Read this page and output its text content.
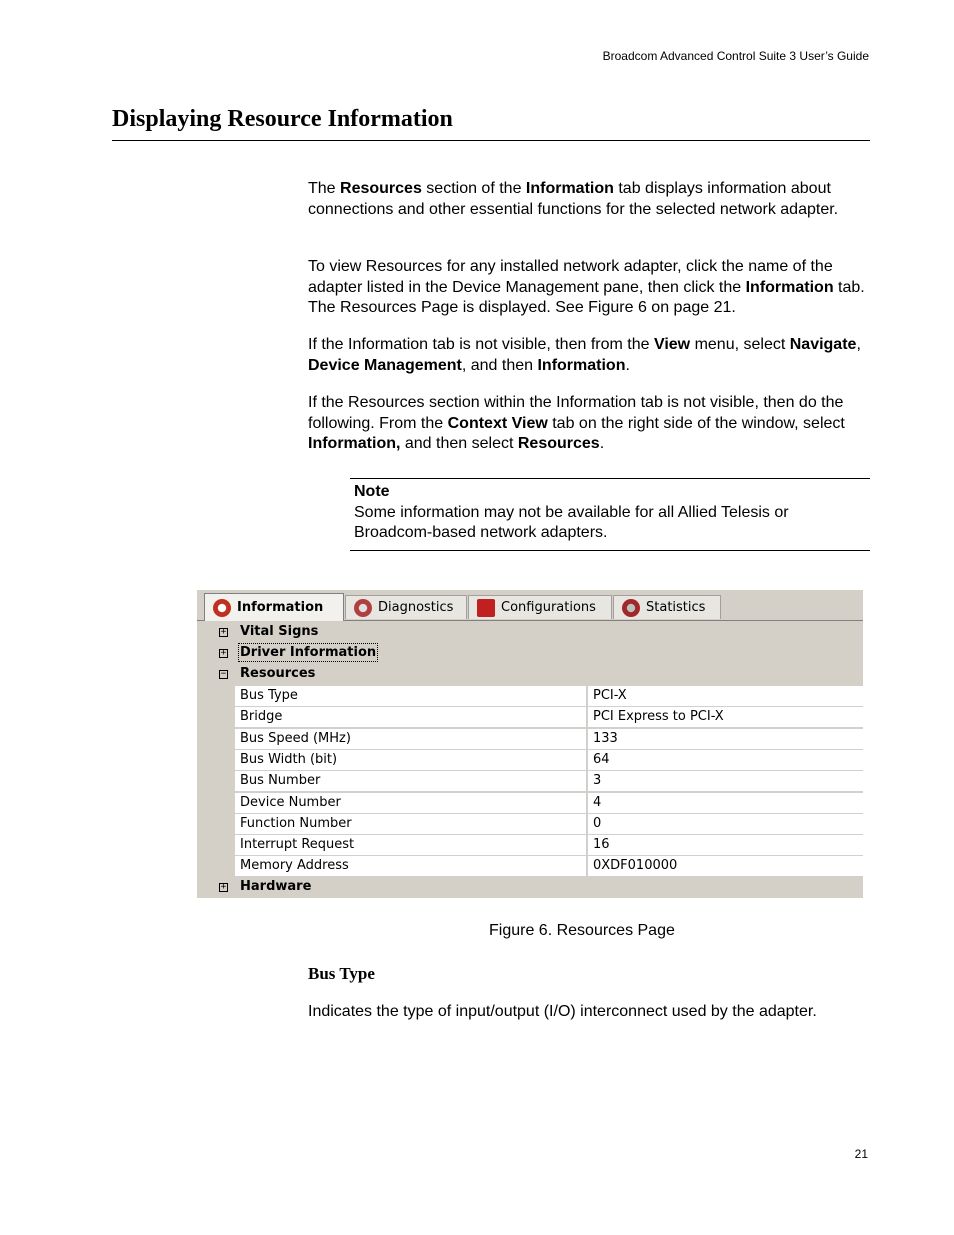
Broadcom Advanced Control Suite 3 User’s Guide
Displaying Resource Information

The Resources section of the Information tab displays information about connections and other essential functions for the selected network adapter.

To view Resources for any installed network adapter, click the name of the adapter listed in the Device Management pane, then click the Information tab. The Resources Page is displayed. See Figure 6 on page 21.

If the Information tab is not visible, then from the View menu, select Navigate, Device Management, and then Information.

If the Resources section within the Information tab is not visible, then do the following. From the Context View tab on the right side of the window, select Information, and then select Resources.

Note
Some information may not be available for all Allied Telesis or Broadcom-based network adapters.
Information	Diagnostics	Configurations	Statistics
+ Vital Signs
+ Driver Information
− Resources
Bus Type	PCI-X
Bridge	PCI Express to PCI-X
Bus Speed (MHz)	133
Bus Width (bit)	64
Bus Number	3
Device Number	4
Function Number	0
Interrupt Request	16
Memory Address	0XDF010000
+ Hardware
Figure 6. Resources Page
Bus Type
Indicates the type of input/output (I/O) interconnect used by the adapter.
21
